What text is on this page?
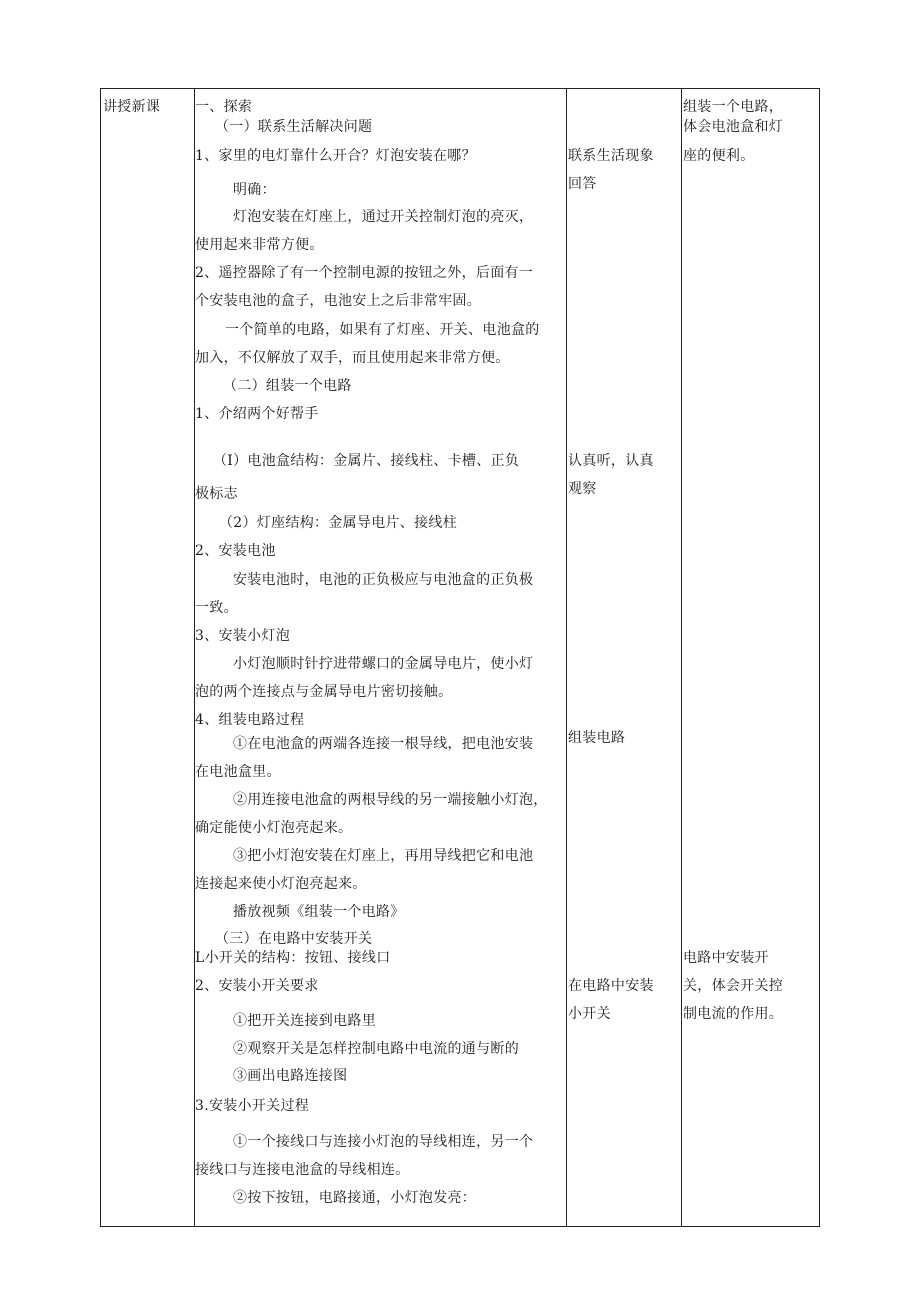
讲授新课 一、探索
（一）联系生活解决问题
1、家里的电灯靠什么开合？灯泡安装在哪？
明确：
灯泡安装在灯座上，通过开关控制灯泡的亮灭，
使用起来非常方便。
2、遥控器除了有一个控制电源的按钮之外，后面有一
个安装电池的盒子，电池安上之后非常牢固。
一个简单的电路，如果有了灯座、开关、电池盒的
加入，不仅解放了双手，而且使用起来非常方便。
（二）组装一个电路
1、介绍两个好帮手
（I）电池盒结构：金属片、接线柱、卡槽、正负
极标志
（2）灯座结构：金属导电片、接线柱
2、安装电池
安装电池时，电池的正负极应与电池盒的正负极
一致。
3、安装小灯泡
小灯泡顺时针拧进带螺口的金属导电片，使小灯
泡的两个连接点与金属导电片密切接触。
4、组装电路过程
①在电池盒的两端各连接一根导线，把电池安装
在电池盒里。
②用连接电池盒的两根导线的另一端接触小灯泡，
确定能使小灯泡亮起来。
③把小灯泡安装在灯座上，再用导线把它和电池
连接起来使小灯泡亮起来。
播放视频《组装一个电路》
（三）在电路中安装开关
L小开关的结构：按钮、接线口
2、安装小开关要求
①把开关连接到电路里
②观察开关是怎样控制电路中电流的通与断的
③画出电路连接图
3.安装小开关过程
①一个接线口与连接小灯泡的导线相连，另一个
接线口与连接电池盒的导线相连。
②按下按钮，电路接通，小灯泡发亮：
联系生活现象
回答
认真听，认真
观察
组装电路
在电路中安装
小开关
组装一个电路，
体会电池盒和灯
座的便利。
电路中安装开
关，体会开关控
制电流的作用。
